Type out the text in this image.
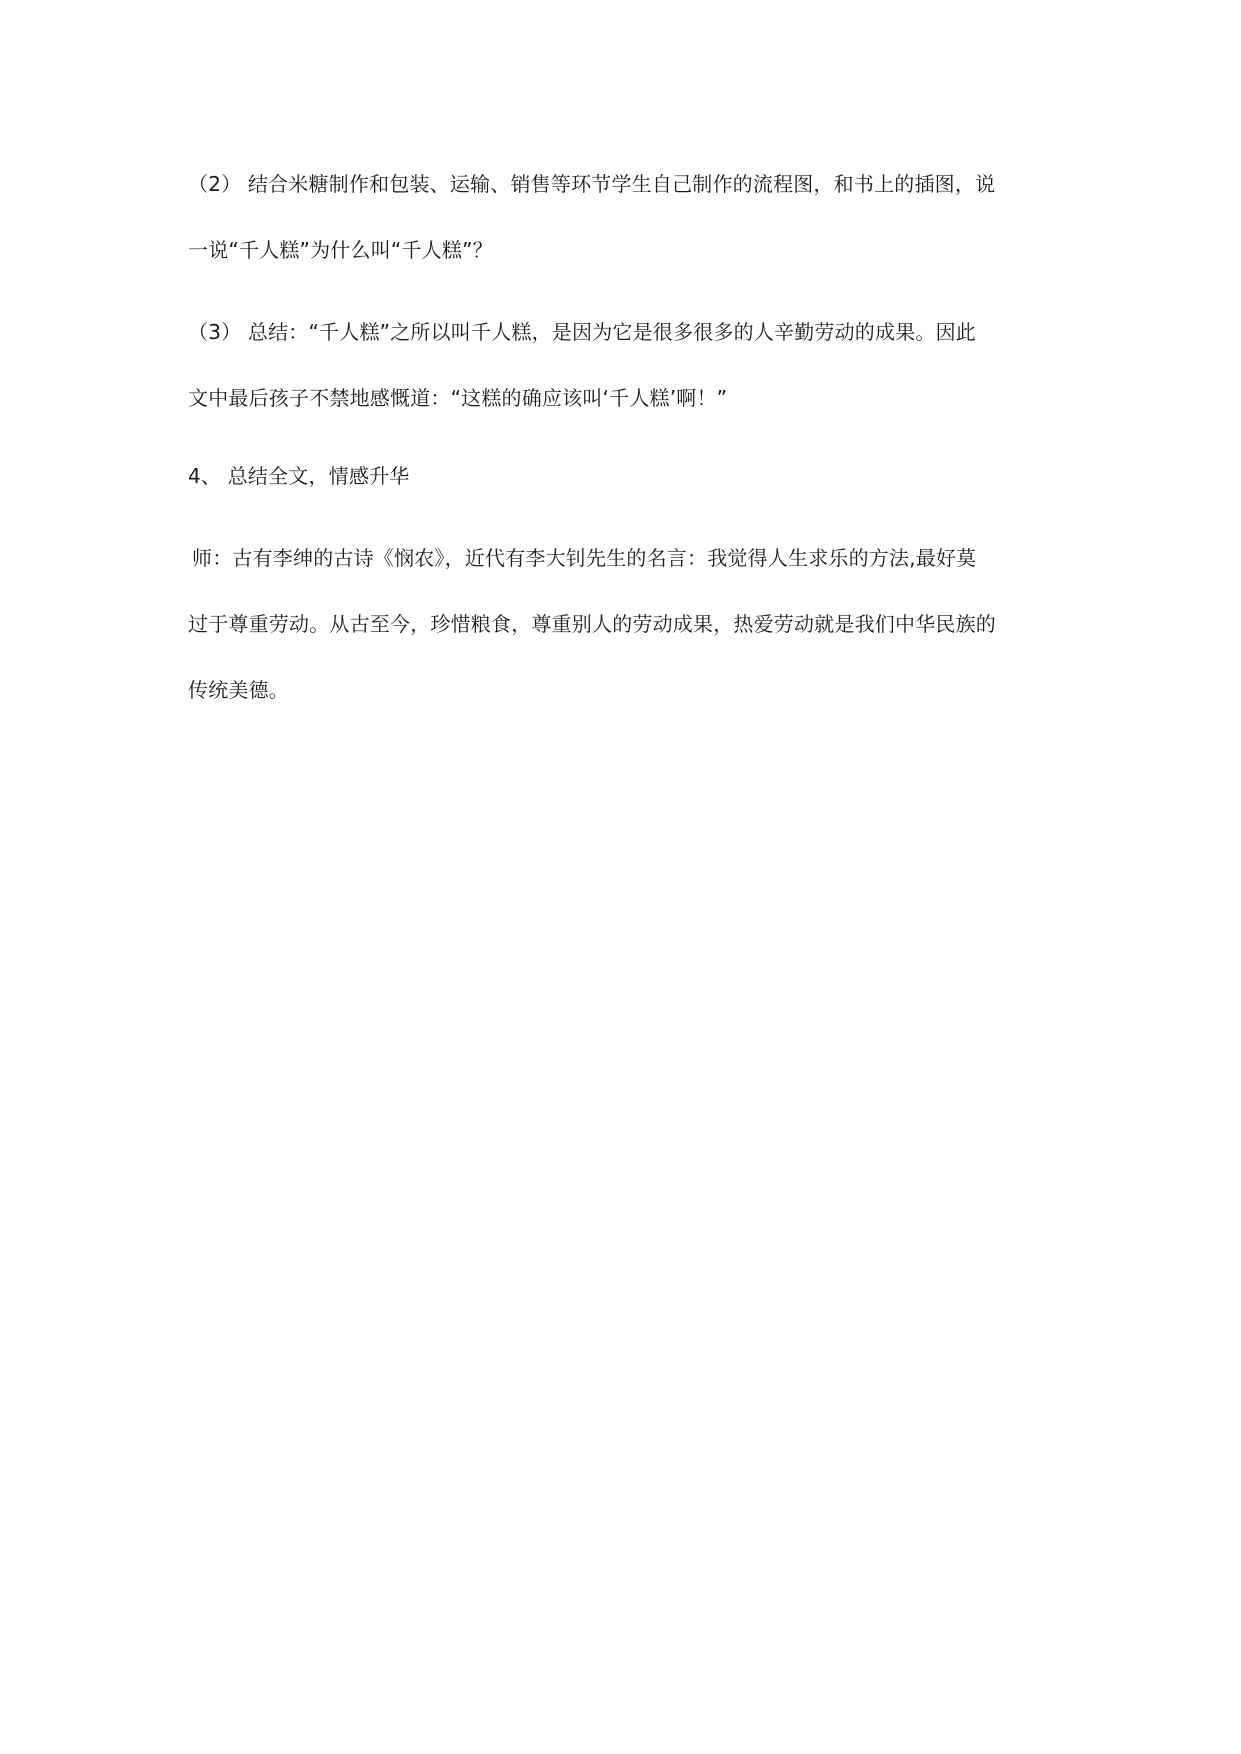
（2） 结合米糖制作和包装、运输、销售等环节学生自己制作的流程图，和书上的插图，说
一说“千人糕”为什么叫“千人糕”？
（3） 总结：“千人糕”之所以叫千人糕，是因为它是很多很多的人辛勤劳动的成果。因此
文中最后孩子不禁地感慨道：“这糕的确应该叫‘千人糕’啊！”
4、 总结全文，情感升华
师：古有李绅的古诗《悯农》，近代有李大钊先生的名言：我觉得人生求乐的方法,最好莫
过于尊重劳动。从古至今，珍惜粮食，尊重别人的劳动成果，热爱劳动就是我们中华民族的
传统美德。
